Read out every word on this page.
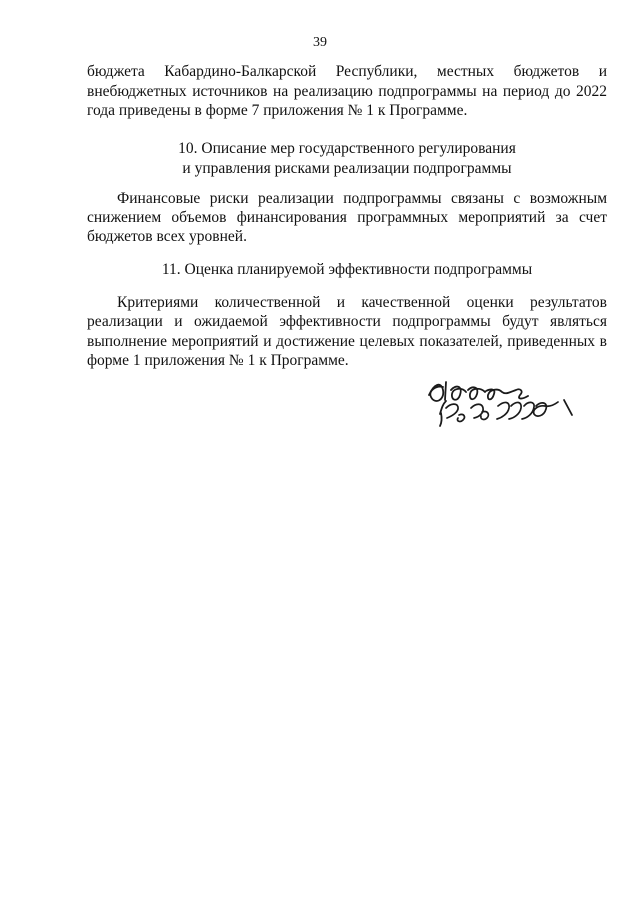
39
бюджета Кабардино-Балкарской Республики, местных бюджетов и
внебюджетных источников на реализацию подпрограммы на период до 2022
года приведены в форме 7 приложения № 1 к Программе.
10. Описание мер государственного регулирования
и управления рисками реализации подпрограммы
Финансовые риски реализации подпрограммы связаны с возможным
снижением объемов финансирования программных мероприятий за счет
бюджетов всех уровней.
11. Оценка планируемой эффективности подпрограммы
Критериями количественной и качественной оценки результатов
реализации и ожидаемой эффективности подпрограммы будут являться
выполнение мероприятий и достижение целевых показателей, приведенных в
форме 1 приложения № 1 к Программе.
